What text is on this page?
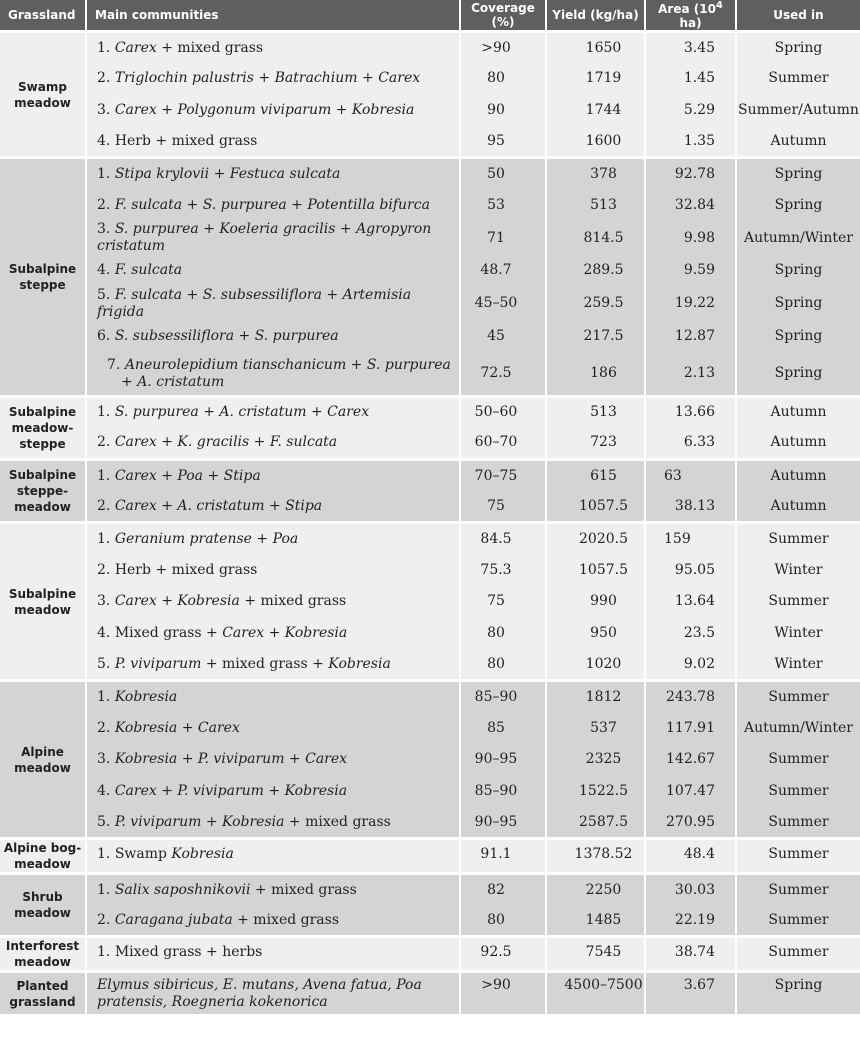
Grassland	Main communities	Coverage (%)	Yield (kg/ha)	Area ($10^4$ ha)	Used in
Swamp meadow	1. Carex + mixed grass	>90	1650	3.45	Spring

	2. Triglochin palustris + Batrachium + Carex	80	1719	1.45	Summer

	3. Carex + Polygonum viviparum + Kobresia	90	1744	5.29	Summer/Autumn

	4. Herb + mixed grass	95	1600	1.35	Autumn
Subalpine steppe	1. Stipa krylovii + Festuca sulcata	50	378	92.78	Spring

	2. F. sulcata + S. purpurea + Potentilla bifurca	53	513	32.84	Spring

	3. S. purpurea + Koeleria gracilis + Agropyron cristatum	71	814.5	9.98	Autumn/Winter

	4. F. sulcata	48.7	289.5	9.59	Spring

	5. F. sulcata + S. subsessiliflora + Artemisia frigida	45–50	259.5	19.22	Spring

	6. S. subsessiliflora + S. purpurea	45	217.5	12.87	Spring

	7. Aneurolepidium tianschanicum + S. purpurea + A. cristatum	72.5	186	2.13	Spring
Subalpine meadow-steppe	1. S. purpurea + A. cristatum + Carex	50–60	513	13.66	Autumn

	2. Carex + K. gracilis + F. sulcata	60–70	723	6.33	Autumn
Subalpine steppe-meadow	1. Carex + Poa + Stipa	70–75	615	63	Autumn

	2. Carex + A. cristatum + Stipa	75	1057.5	38.13	Autumn
Subalpine meadow	1. Geranium pratense + Poa	84.5	2020.5	159	Summer

	2. Herb + mixed grass	75.3	1057.5	95.05	Winter

	3. Carex + Kobresia + mixed grass	75	990	13.64	Summer

	4. Mixed grass + Carex + Kobresia	80	950	23.5	Winter

	5. P. viviparum + mixed grass + Kobresia	80	1020	9.02	Winter
Alpine meadow	1. Kobresia	85–90	1812	243.78	Summer

	2. Kobresia + Carex	85	537	117.91	Autumn/Winter

	3. Kobresia + P. viviparum + Carex	90–95	2325	142.67	Summer

	4. Carex + P. viviparum + Kobresia	85–90	1522.5	107.47	Summer

	5. P. viviparum + Kobresia + mixed grass	90–95	2587.5	270.95	Summer
Alpine bog-meadow	1. Swamp Kobresia	91.1	1378.52	48.4	Summer
Shrub meadow	1. Salix saposhnikovii + mixed grass	82	2250	30.03	Summer

	2. Caragana jubata + mixed grass	80	1485	22.19	Summer
Interforest meadow	1. Mixed grass + herbs	92.5	7545	38.74	Summer
Planted grassland	Elymus sibiricus, E. mutans, Avena fatua, Poa pratensis, Roegneria kokenorica	>90	4500–7500	3.67	Spring
